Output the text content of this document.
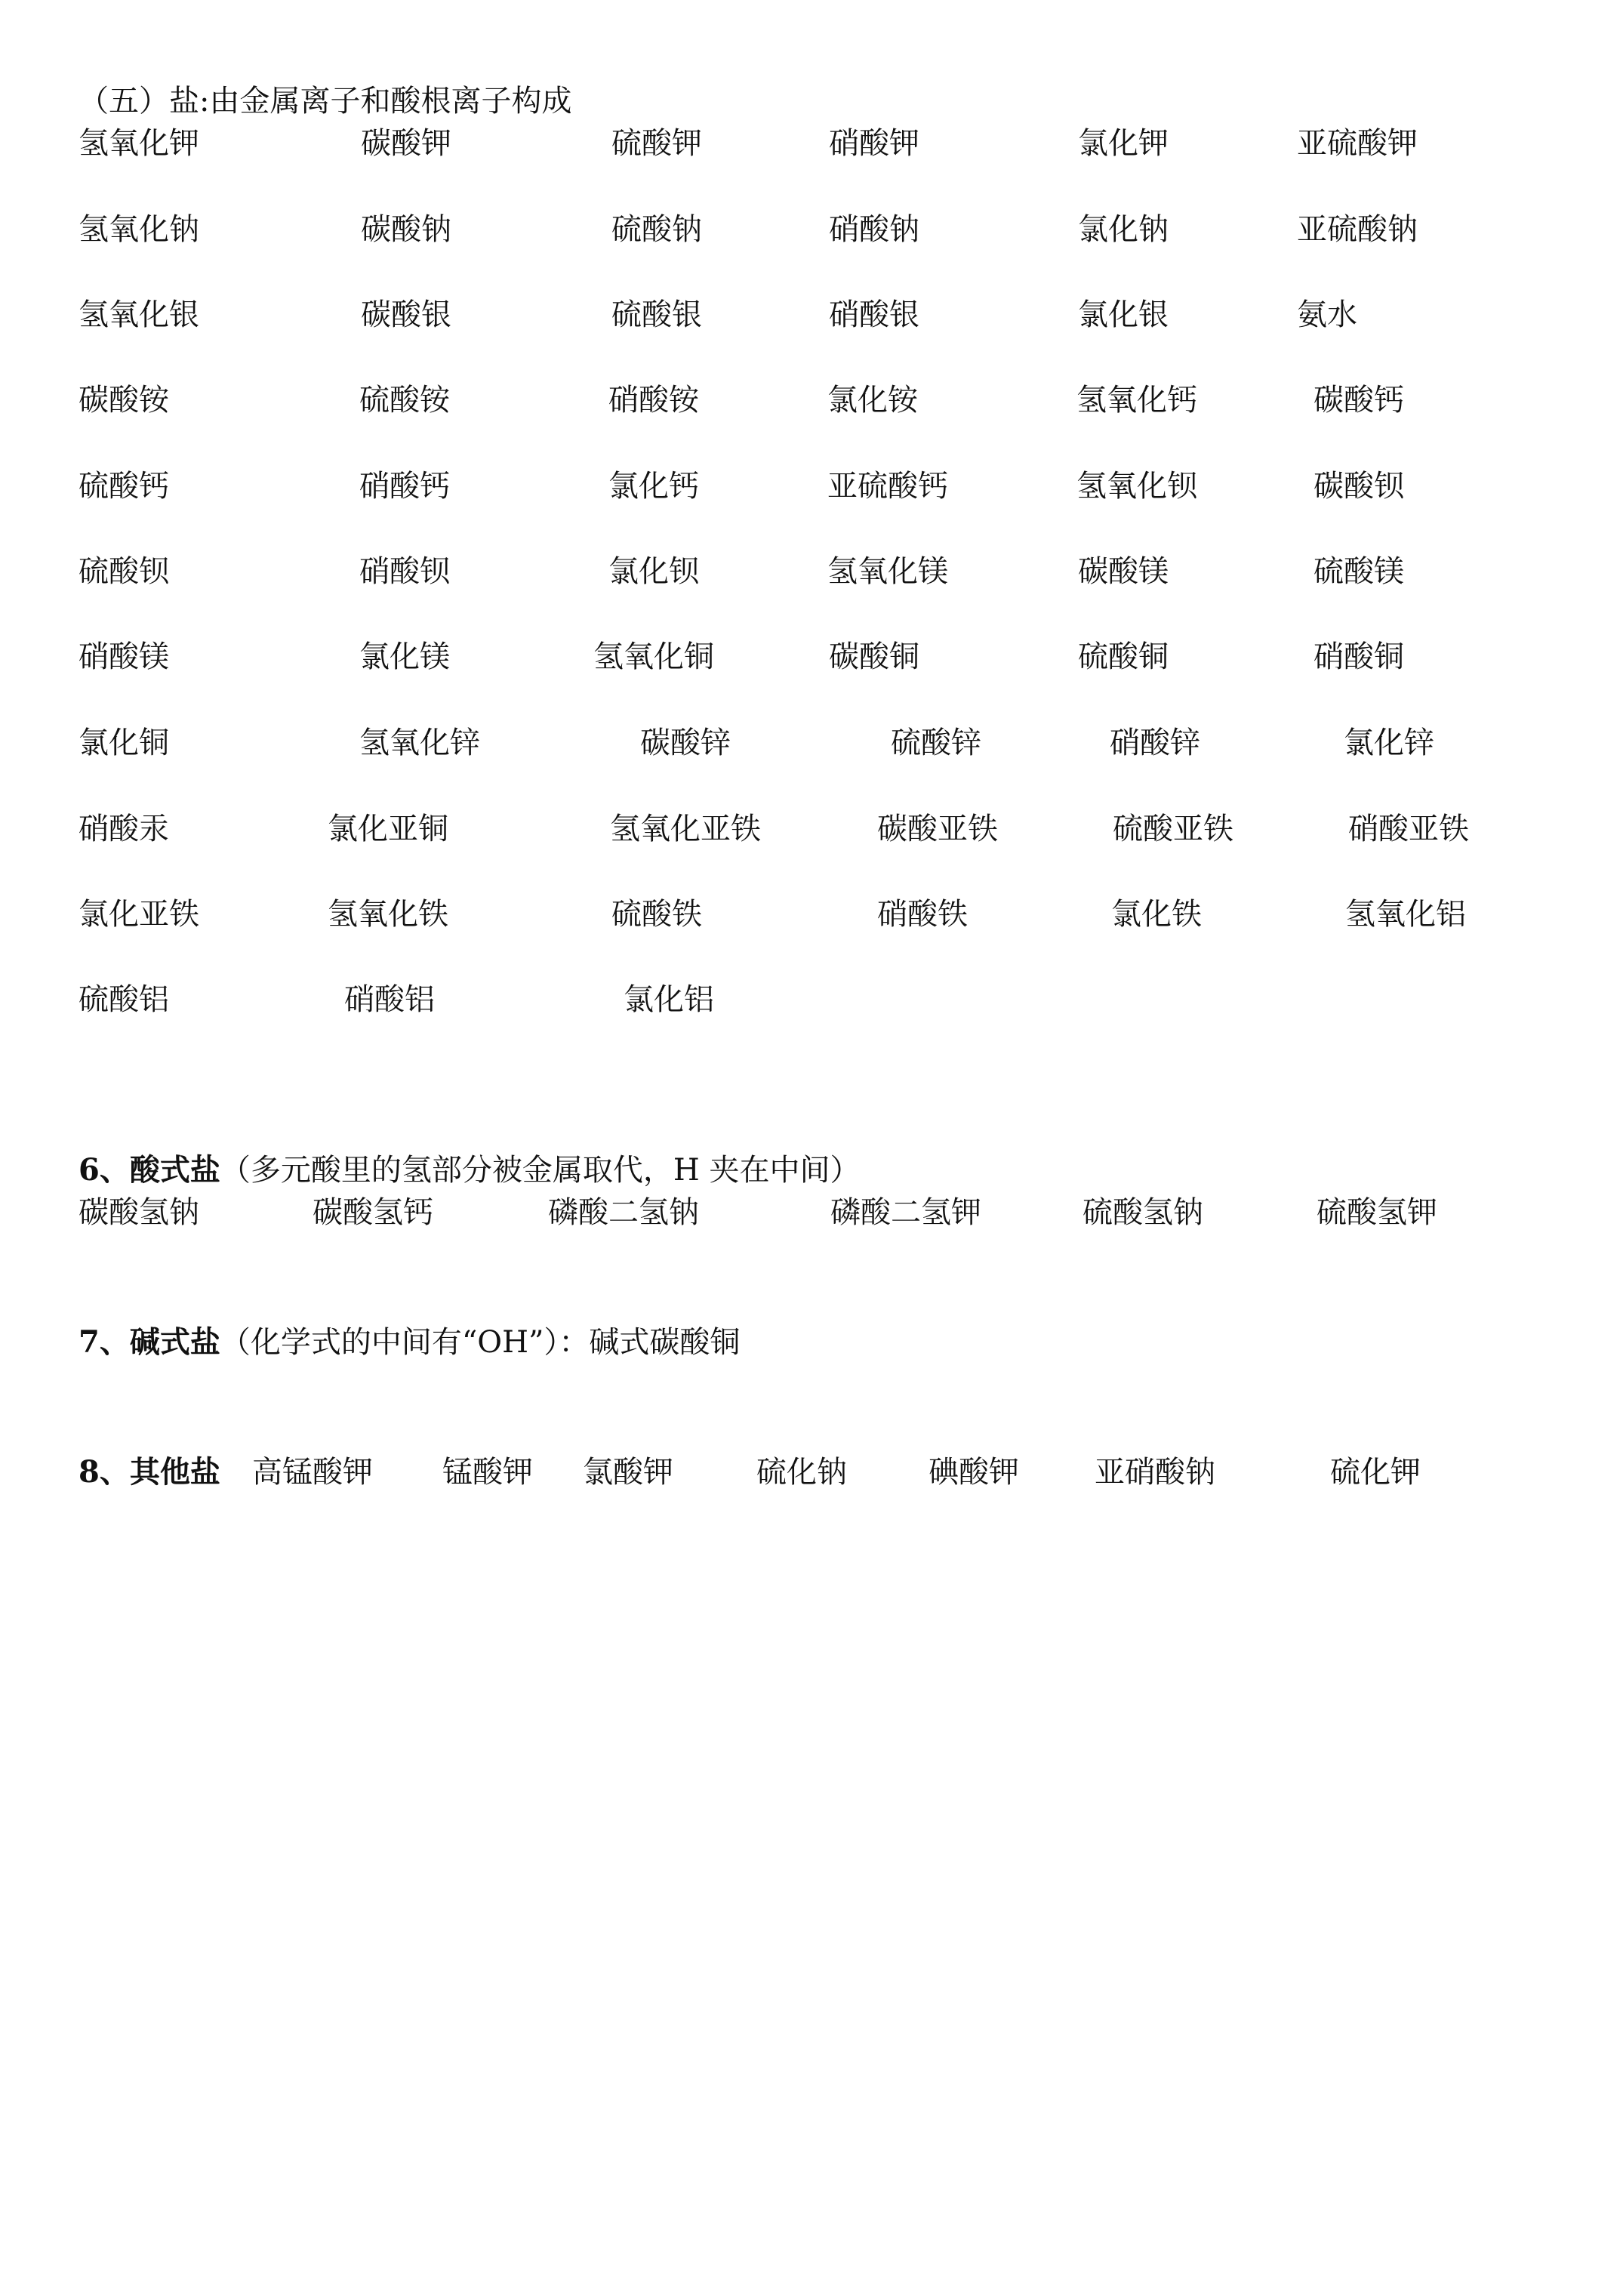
（五）盐:由金属离子和酸根离子构成
氢氧化钾	碳酸钾	硫酸钾	硝酸钾	氯化钾	亚硫酸钾
氢氧化钠	碳酸钠	硫酸钠	硝酸钠	氯化钠	亚硫酸钠
氢氧化银	碳酸银	硫酸银	硝酸银	氯化银	氨水
碳酸铵	硫酸铵	硝酸铵	氯化铵	氢氧化钙	碳酸钙
硫酸钙	硝酸钙	氯化钙	亚硫酸钙	氢氧化钡	碳酸钡
硫酸钡	硝酸钡	氯化钡	氢氧化镁	碳酸镁	硫酸镁
硝酸镁	氯化镁	氢氧化铜	碳酸铜	硫酸铜	硝酸铜
氯化铜	氢氧化锌	碳酸锌	硫酸锌	硝酸锌	氯化锌
硝酸汞	氯化亚铜	氢氧化亚铁	碳酸亚铁	硫酸亚铁	硝酸亚铁
氯化亚铁	氢氧化铁	硫酸铁	硝酸铁	氯化铁	氢氧化铝
硫酸铝	硝酸铝	氯化铝
6、酸式盐（多元酸里的氢部分被金属取代，H 夹在中间）
碳酸氢钠	碳酸氢钙	磷酸二氢钠	磷酸二氢钾	硫酸氢钠	硫酸氢钾
7、碱式盐（化学式的中间有“OH”）：碱式碳酸铜
8、其他盐 高锰酸钾 锰酸钾 氯酸钾	硫化钠	碘酸钾	亚硝酸钠	硫化钾
